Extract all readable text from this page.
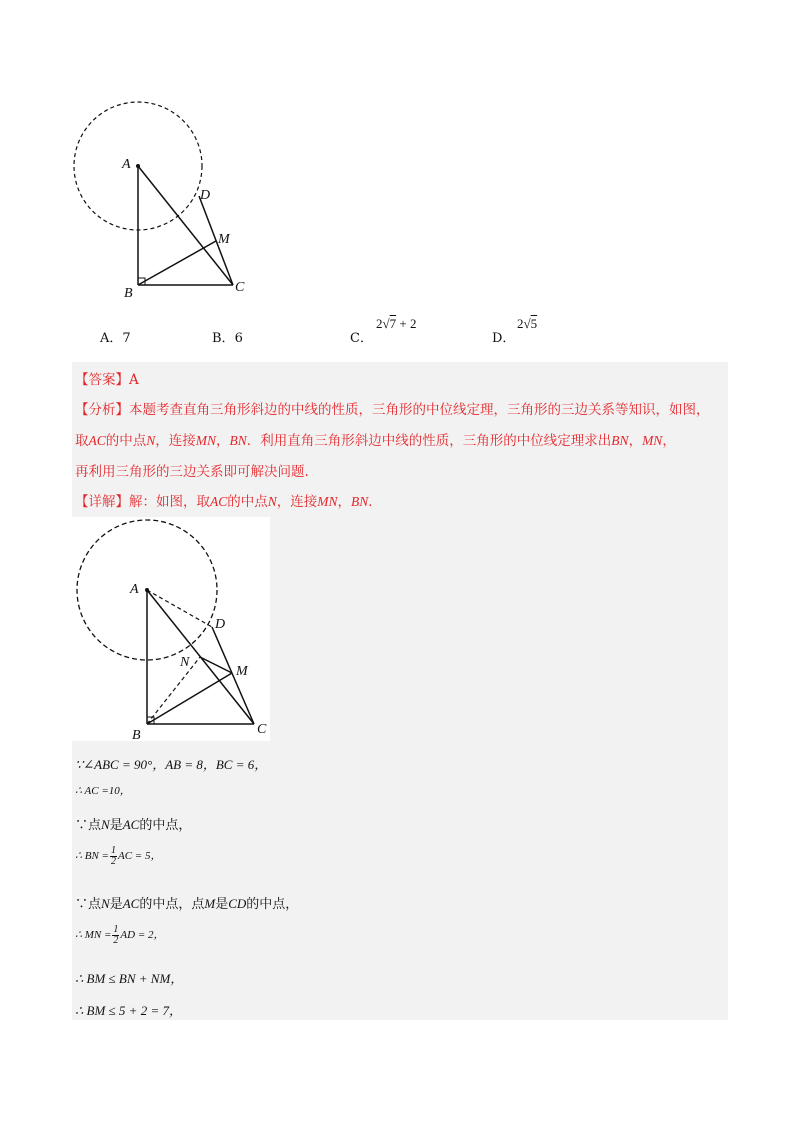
A
B	C
D
M
A．7	B．6	C．
2√7 + 2
D．
2√5
【答案】A
【分析】本题考查直角三角形斜边的中线的性质，三角形的中位线定理，三角形的三边关系等知识，如图，
取AC的中点N，连接MN，BN．利用直角三角形斜边中线的性质，三角形的中位线定理求出BN，MN，
再利用三角形的三边关系即可解决问题.
【详解】解：如图，取AC的中点N，连接MN，BN．
A
B	C
D
M
N
∵∠ABC = 90°，AB = 8，BC = 6，
∴ AC =10，
∵点N是AC的中点，
∴ BN = $\frac{1}{2}$ AC = 5，
∵点N是AC的中点，点M是CD的中点，
∴ MN = $\frac{1}{2}$ AD = 2，
∴ BM ≤ BN + NM，
∴ BM ≤ 5 + 2 = 7，
